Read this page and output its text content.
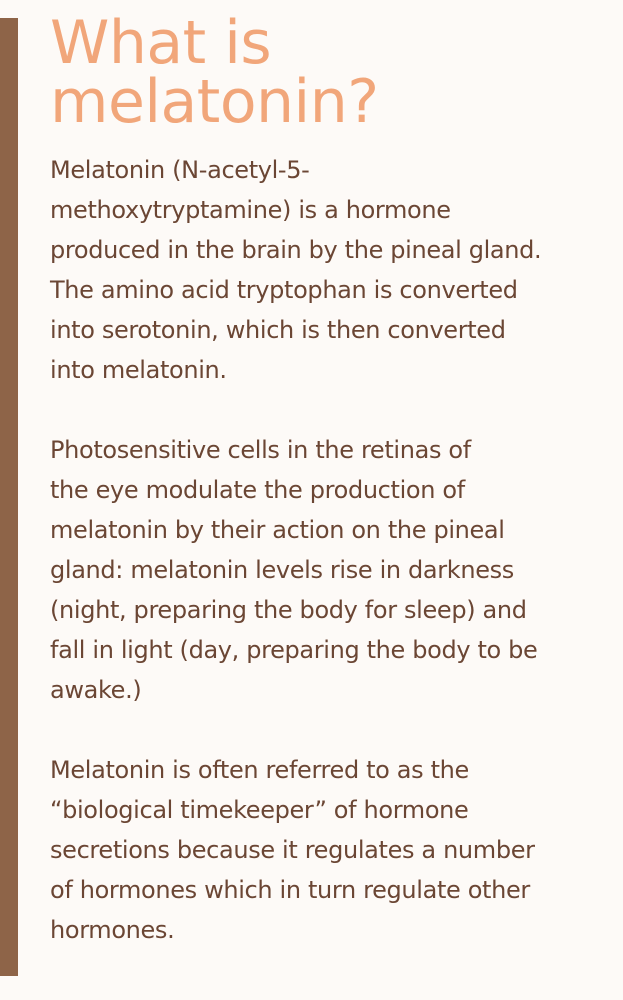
What is
melatonin?

Melatonin (N-acetyl-5-
methoxytryptamine) is a hormone
produced in the brain by the pineal gland.
The amino acid tryptophan is converted
into serotonin, which is then converted
into melatonin.

Photosensitive cells in the retinas of
the eye modulate the production of
melatonin by their action on the pineal
gland: melatonin levels rise in darkness
(night, preparing the body for sleep) and
fall in light (day, preparing the body to be
awake.)

Melatonin is often referred to as the
“biological timekeeper” of hormone
secretions because it regulates a number
of hormones which in turn regulate other
hormones.
